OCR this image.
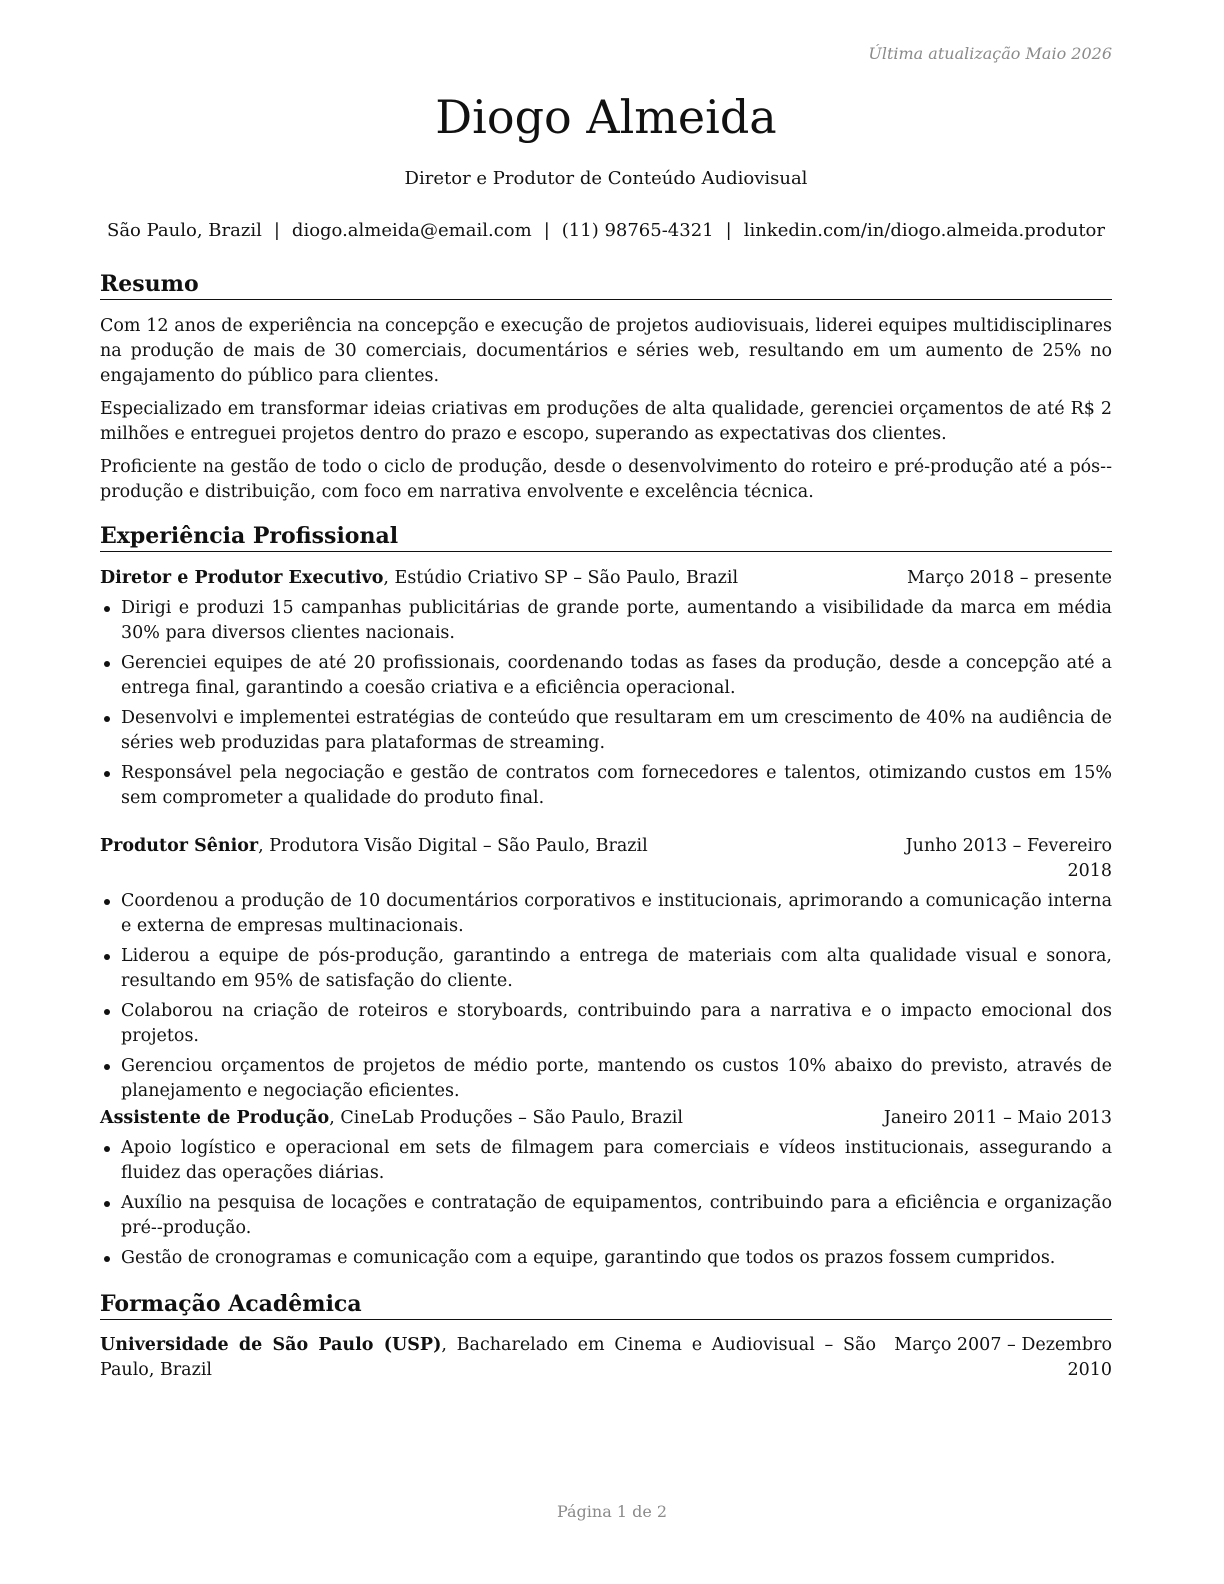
Última atualização Maio 2026
Diogo Almeida
Diretor e Produtor de Conteúdo Audiovisual
São Paulo, Brazil | diogo.almeida@email.com | (11) 98765-4321 | linkedin.com/in/diogo.almeida.produtor
Resumo

Com 12 anos de experiência na concepção e execução de projetos audiovisuais, liderei equipes multidisciplinares na produção de mais de 30 comerciais, documentários e séries web, resultando em um aumento de 25% no engajamento do público para clientes.

Especializado em transformar ideias criativas em produções de alta qualidade, gerenciei orçamentos de até R$ 2 milhões e entreguei projetos dentro do prazo e escopo, superando as expectativas dos clientes.

Proficiente na gestão de todo o ciclo de produção, desde o desenvolvimento do roteiro e pré-produção até a pós--produção e distribuição, com foco em narrativa envolvente e excelência técnica.

Experiência Profissional
Diretor e Produtor Executivo, Estúdio Criativo SP – São Paulo, Brazil	Março 2018 – presente
Dirigi e produzi 15 campanhas publicitárias de grande porte, aumentando a visibilidade da marca em média 30% para diversos clientes nacionais.
Gerenciei equipes de até 20 profissionais, coordenando todas as fases da produção, desde a concepção até a entrega final, garantindo a coesão criativa e a eficiência operacional.
Desenvolvi e implementei estratégias de conteúdo que resultaram em um crescimento de 40% na audiência de séries web produzidas para plataformas de streaming.
Responsável pela negociação e gestão de contratos com fornecedores e talentos, otimizando custos em 15% sem comprometer a qualidade do produto final.
Produtor Sênior, Produtora Visão Digital – São Paulo, Brazil	Junho 2013 – Fevereiro 2018
Coordenou a produção de 10 documentários corporativos e institucionais, aprimorando a comunicação interna e externa de empresas multinacionais.
Liderou a equipe de pós-produção, garantindo a entrega de materiais com alta qualidade visual e sonora, resultando em 95% de satisfação do cliente.
Colaborou na criação de roteiros e storyboards, contribuindo para a narrativa e o impacto emocional dos projetos.
Gerenciou orçamentos de projetos de médio porte, mantendo os custos 10% abaixo do previsto, através de planejamento e negociação eficientes.
Assistente de Produção, CineLab Produções – São Paulo, Brazil	Janeiro 2011 – Maio 2013
Apoio logístico e operacional em sets de filmagem para comerciais e vídeos institucionais, assegurando a fluidez das operações diárias.
Auxílio na pesquisa de locações e contratação de equipamentos, contribuindo para a eficiência e organização pré--produção.
Gestão de cronogramas e comunicação com a equipe, garantindo que todos os prazos fossem cumpridos.
Formação Acadêmica
Universidade de São Paulo (USP), Bacharelado em Cinema e Audiovisual – São Paulo, Brazil
Março 2007 – Dezembro 2010
Página 1 de 2
